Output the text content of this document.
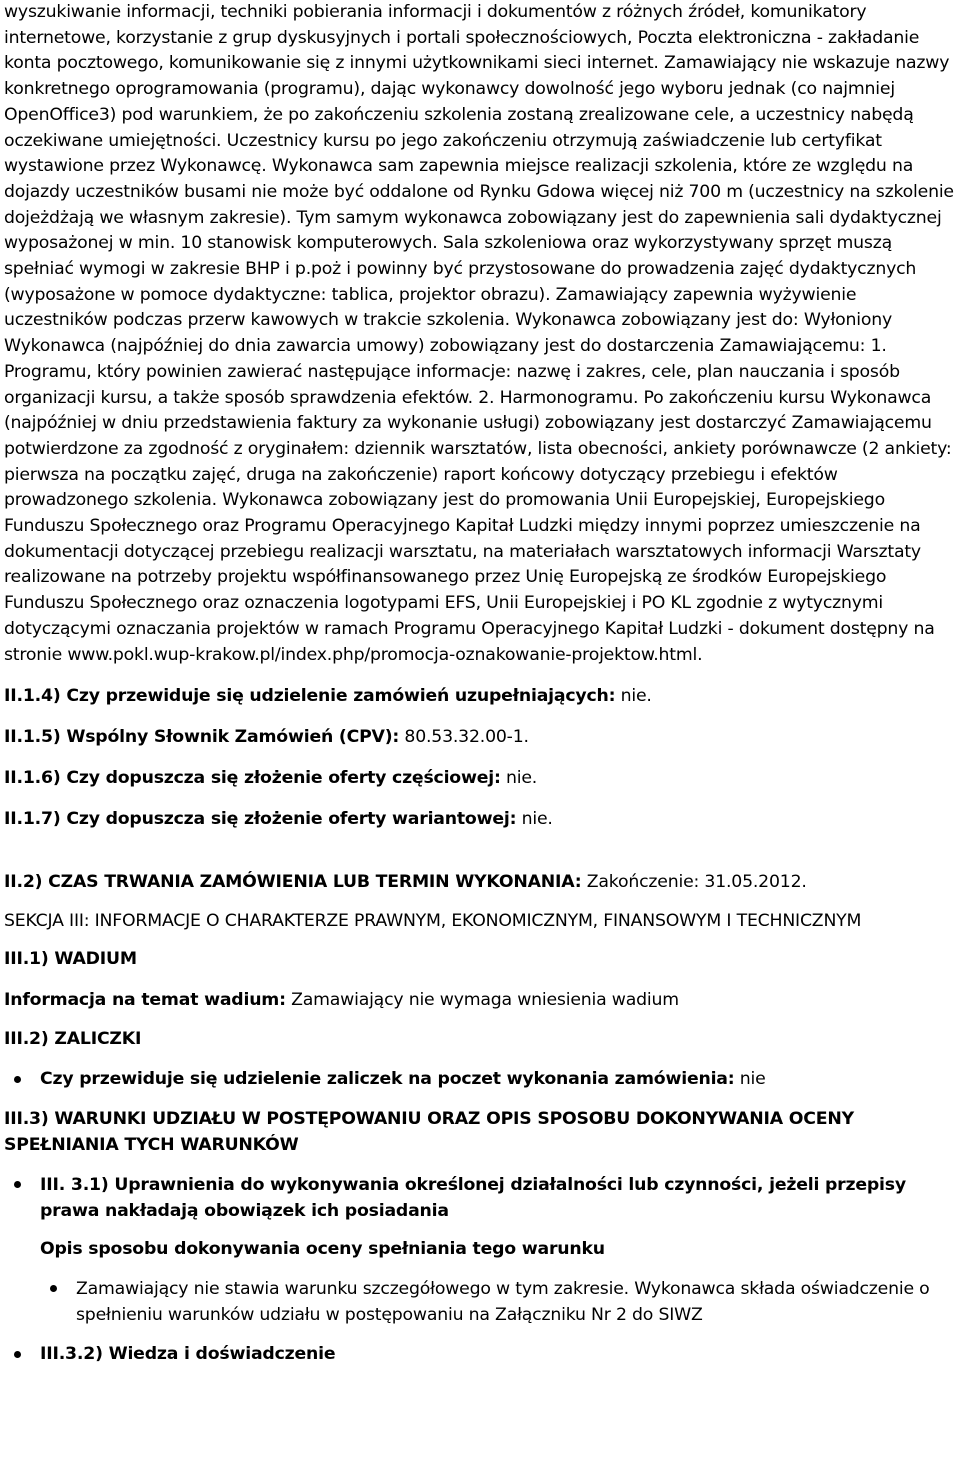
wyszukiwanie informacji, techniki pobierania informacji i dokumentów z różnych źródeł, komunikatory internetowe, korzystanie z grup dyskusyjnych i portali społecznościowych, Poczta elektroniczna - zakładanie konta pocztowego, komunikowanie się z innymi użytkownikami sieci internet. Zamawiający nie wskazuje nazwy konkretnego oprogramowania (programu), dając wykonawcy dowolność jego wyboru jednak (co najmniej OpenOffice3) pod warunkiem, że po zakończeniu szkolenia zostaną zrealizowane cele, a uczestnicy nabędą oczekiwane umiejętności. Uczestnicy kursu po jego zakończeniu otrzymują zaświadczenie lub certyfikat wystawione przez Wykonawcę. Wykonawca sam zapewnia miejsce realizacji szkolenia, które ze względu na dojazdy uczestników busami nie może być oddalone od Rynku Gdowa więcej niż 700 m (uczestnicy na szkolenie dojeżdżają we własnym zakresie). Tym samym wykonawca zobowiązany jest do zapewnienia sali dydaktycznej wyposażonej w min. 10 stanowisk komputerowych. Sala szkoleniowa oraz wykorzystywany sprzęt muszą spełniać wymogi w zakresie BHP i p.poż i powinny być przystosowane do prowadzenia zajęć dydaktycznych (wyposażone w pomoce dydaktyczne: tablica, projektor obrazu). Zamawiający zapewnia wyżywienie uczestników podczas przerw kawowych w trakcie szkolenia. Wykonawca zobowiązany jest do: Wyłoniony Wykonawca (najpóźniej do dnia zawarcia umowy) zobowiązany jest do dostarczenia Zamawiającemu: 1. Programu, który powinien zawierać następujące informacje: nazwę i zakres, cele, plan nauczania i sposób organizacji kursu, a także sposób sprawdzenia efektów. 2. Harmonogramu. Po zakończeniu kursu Wykonawca (najpóźniej w dniu przedstawienia faktury za wykonanie usługi) zobowiązany jest dostarczyć Zamawiającemu potwierdzone za zgodność z oryginałem: dziennik warsztatów, lista obecności, ankiety porównawcze (2 ankiety: pierwsza na początku zajęć, druga na zakończenie) raport końcowy dotyczący przebiegu i efektów prowadzonego szkolenia. Wykonawca zobowiązany jest do promowania Unii Europejskiej, Europejskiego Funduszu Społecznego oraz Programu Operacyjnego Kapitał Ludzki między innymi poprzez umieszczenie na dokumentacji dotyczącej przebiegu realizacji warsztatu, na materiałach warsztatowych informacji Warsztaty realizowane na potrzeby projektu współfinansowanego przez Unię Europejską ze środków Europejskiego Funduszu Społecznego oraz oznaczenia logotypami EFS, Unii Europejskiej i PO KL zgodnie z wytycznymi dotyczącymi oznaczania projektów w ramach Programu Operacyjnego Kapitał Ludzki - dokument dostępny na stronie www.pokl.wup-krakow.pl/index.php/promocja-oznakowanie-projektow.html.

II.1.4) Czy przewiduje się udzielenie zamówień uzupełniających: nie.

II.1.5) Wspólny Słownik Zamówień (CPV): 80.53.32.00-1.

II.1.6) Czy dopuszcza się złożenie oferty częściowej: nie.

II.1.7) Czy dopuszcza się złożenie oferty wariantowej: nie.

II.2) CZAS TRWANIA ZAMÓWIENIA LUB TERMIN WYKONANIA: Zakończenie: 31.05.2012.

SEKCJA III: INFORMACJE O CHARAKTERZE PRAWNYM, EKONOMICZNYM, FINANSOWYM I TECHNICZNYM

III.1) WADIUM

Informacja na temat wadium: Zamawiający nie wymaga wniesienia wadium

III.2) ZALICZKI

Czy przewiduje się udzielenie zaliczek na poczet wykonania zamówienia: nie

III.3) WARUNKI UDZIAŁU W POSTĘPOWANIU ORAZ OPIS SPOSOBU DOKONYWANIA OCENY SPEŁNIANIA TYCH WARUNKÓW

III. 3.1) Uprawnienia do wykonywania określonej działalności lub czynności, jeżeli przepisy prawa nakładają obowiązek ich posiadania

Opis sposobu dokonywania oceny spełniania tego warunku

Zamawiający nie stawia warunku szczegółowego w tym zakresie. Wykonawca składa oświadczenie o spełnieniu warunków udziału w postępowaniu na Załączniku Nr 2 do SIWZ
III.3.2) Wiedza i doświadczenie
